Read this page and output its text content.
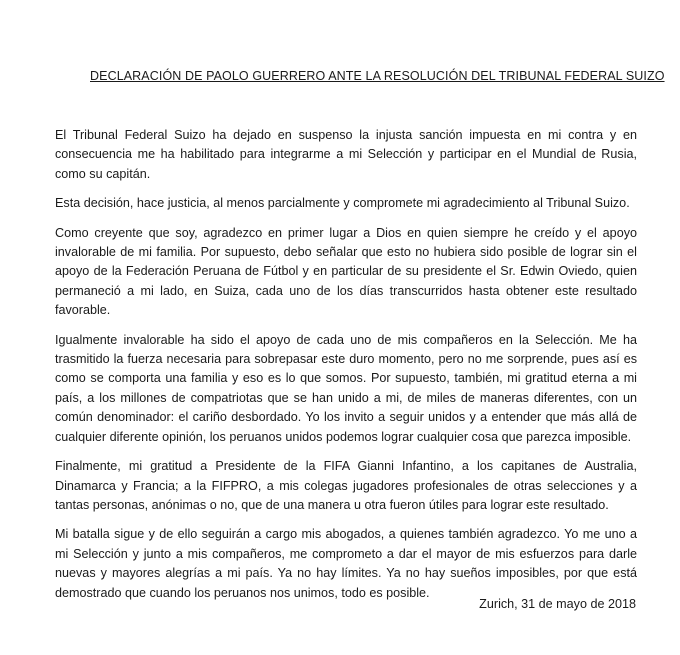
DECLARACIÓN DE PAOLO GUERRERO ANTE LA RESOLUCIÓN DEL TRIBUNAL FEDERAL SUIZO

El Tribunal Federal Suizo ha dejado en suspenso la injusta sanción impuesta en mi contra y en consecuencia me ha habilitado para integrarme a mi Selección y participar en el Mundial de Rusia, como su capitán.

Esta decisión, hace justicia, al menos parcialmente y compromete mi agradecimiento al Tribunal Suizo.

Como creyente que soy, agradezco en primer lugar a Dios en quien siempre he creído y el apoyo invalorable de mi familia. Por supuesto, debo señalar que esto no hubiera sido posible de lograr sin el apoyo de la Federación Peruana de Fútbol y en particular de su presidente el Sr. Edwin Oviedo, quien permaneció a mi lado, en Suiza, cada uno de los días transcurridos hasta obtener este resultado favorable.

Igualmente invalorable ha sido el apoyo de cada uno de mis compañeros en la Selección. Me ha trasmitido la fuerza necesaria para sobrepasar este duro momento, pero no me sorprende, pues así es como se comporta una familia y eso es lo que somos. Por supuesto, también, mi gratitud eterna a mi país, a los millones de compatriotas que se han unido a mi, de miles de maneras diferentes, con un común denominador: el cariño desbordado. Yo los invito a seguir unidos y a entender que más allá de cualquier diferente opinión, los peruanos unidos podemos lograr cualquier cosa que parezca imposible.

Finalmente, mi gratitud a Presidente de la FIFA Gianni Infantino, a los capitanes de Australia, Dinamarca y Francia; a la FIFPRO, a mis colegas jugadores profesionales de otras selecciones y a tantas personas, anónimas o no, que de una manera u otra fueron útiles para lograr este resultado.

Mi batalla sigue y de ello seguirán a cargo mis abogados, a quienes también agradezco. Yo me uno a mi Selección y junto a mis compañeros, me comprometo a dar el mayor de mis esfuerzos para darle nuevas y mayores alegrías a mi país. Ya no hay límites. Ya no hay sueños imposibles, por que está demostrado que cuando los peruanos nos unimos, todo es posible.

Zurich, 31 de mayo de 2018
